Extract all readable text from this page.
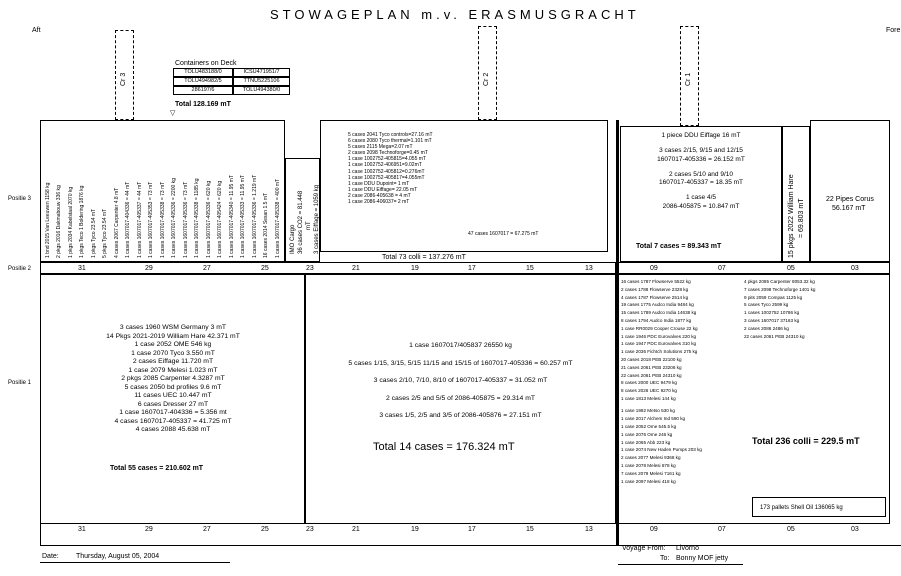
STOWAGEPLAN m.v. ERASMUSGRACHT
Aft	Fore
Cr 3	Cr 2	Cr 1
Containers on Deck
TOLU483188/0	ICSU471951/7
TOLU494982/5	TTNU5225106
286197/6	TOLU494380/0
Total 128.169 mT
▽
Positie 3
Positie 2
Positie 1
1 bnd 2015 Van Leeuwen 1158 kg 2 pkgs 2016 Dakmabouw 336 kg 1 pkgs 2034 Kabelstaal 2070 kg 1 pkgs Teco 1 Boldering 1876 kg 1 pkgs Tyco 23.54 mT 5 pkgs Tyco 23.54 mT 4 cases 2067 Carpenter 4.8 mT 1 cases 1607017-404336 = 44 mT 1 cases 1607017-405337 = 44 mT 1 cases 1607017-405353 = 73 mT 1 cases 1607017-405338 = 73 mT 1 cases 1607017-405336 = 2200 kg 1 cases 1607017-405336 = 73 mT 1 cases 1607017-405338 = 1185 kg 1 cases 1607017-405336 = 620 kg 1 cases 1607017-405424 = 620 kg 1 cases 1607017-405340 = 11.95 mT 1 cases 1607017-405333 = 11.95 mT 1 cases 1607017-405336 = 1.219 mT 16 cases 2014 Sesan 1.5 mT 1 cases 1607017-405338 = 400 mT IMO Cargo 36 cases CO2 = 81.448 mT 3 cases Eiffage = 1059 kg
5 cases 2041 Tyco controls=27.16 mT
6 cases 2080 Tyco thermal=1.101 mT
5 cases 2115 Mega=2.07 mT
2 cases 2098 Technoforge=0.45 mT
1 case 1002752-405815=4.055 mT
1 case 1002752-406951=9.02mT
1 case 1002752-405812=0.276mT
1 case 1002752-405817=4.055mT
1 case DDU Dupoint= 1 mT
1 case DDU Eiffage= 22.05 mT
2 case 2086-405638 = 4 mT
1 case 2086-406037= 2 mT
47 cases 1607017 = 67.275 mT
Total 73 colli = 137.276 mT
1 piece DDU Eiffage 16 mT
3 cases 2/15, 9/15 and 12/15
1607017-405336 = 26.152 mT
2 cases 5/10 and 9/10
1607017-405337 = 18.35 mT
1 case 4/5
2086-405875 = 10.847 mT
Total 7 cases = 89.343 mT	15 pkgs 2022 William Hare = 69.803 mT	22 Pipes Corus
56.167 mT
31	29	27	25	23	21	19	17	15	13	09	07	05	03
3 cases 1960 WSM Germany 3 mT
14 Pkgs 2021-2019 William Hare 42.371 mT
1 case 2052 OME 546 kg
1 case 2070 Tyco 3.550 mT
2 cases Eiffage 11.720 mT
1 case 2079 Melesi 1.023 mT
2 pkgs 2085 Carpenter 4.3287 mT
5 cases 2050 bd profiles 9.6 mT
11 cases UEC 10.447 mT
6 cases Dresser 27 mT
1 case 1607017-404336 = 5.356 mt
4 cases 1607017-405337 = 41.725 mT
4 cases 2088 45.638 mT
Total 55 cases = 210.602 mT
1 case 1607017/405837 26550 kg
5 cases 1/15, 3/15, 5/15 11/15 and 15/15 of 1607017-405336 = 60.257 mT
3 cases 2/10, 7/10, 8/10 of 1607017-405337 = 31.052 mT
2 cases 2/5 and 5/5 of 2086-405875 = 29.314 mT
3 cases 1/5, 2/5 and 3/5 of 2086-405876 = 27.151 mT
Total 14 cases = 176.324 mT
16 cases 1787 Flowserve 5522 kg
2 cases 1788 Flowserve 2328 kg
4 cases 1787 Flowserve 2514 kg
19 cases 1775 Audco India 9484 kg
15 cases 1789 Audco India 14638 kg
8 cases 1794 Audco India 1877 kg
1 case RR0029 Cooper Crouse 22 kg
1 case 1946 PDC Eurovalves 220 kg
1 case 1947 PDC Eurovalves 310 kg
1 case 2036 Fichtch Solutions 275 kg
20 cases 2018 PEB 22100 kg
21 cases 2061 PEB 23206 kg
22 cases 2061 PEB 24310 kg
8 cases 2000 UEC 9479 kg
8 cases 2026 UEC 9270 kg
1 case 1813 Melesi 144 kg
1 case 1982 Metso 530 kg
1 case 2017 Alchem Ind 590 kg
1 case 2052 Ome 545.5 kg
1 case 2076 Ome 246 kg
1 case 2065 Abb 223 kg
1 case 2074 New Haden Pumps 203 kg
2 cases 2077 Melesi 9368 kg
1 case 2078 Melesi 878 kg
7 cases 2079 Melesi 7161 kg
1 case 2097 Melesi 418 kg
4 pkgs 2085 Carpenter 8053.32 kg
7 cases 2098 Technoforge 1401 kg
9 pits 2059 Compas 1125 kg
5 cases Tyco 2599 kg
1 cases 1002752 10786 kg
3 cases 1607017 37163 kg
2 cases 2086 2486 kg
22 cases 2061 PEB 24310 kg
Total 236 colli = 229.5 mT
173 pallets Shell Oil 136065 kg
31	29	27	25	23	21	19	17	15	13	09	07	05	03
Date: Thursday, August 05, 2004
Voyage From: Livorno
To: Bonny MOF jetty
